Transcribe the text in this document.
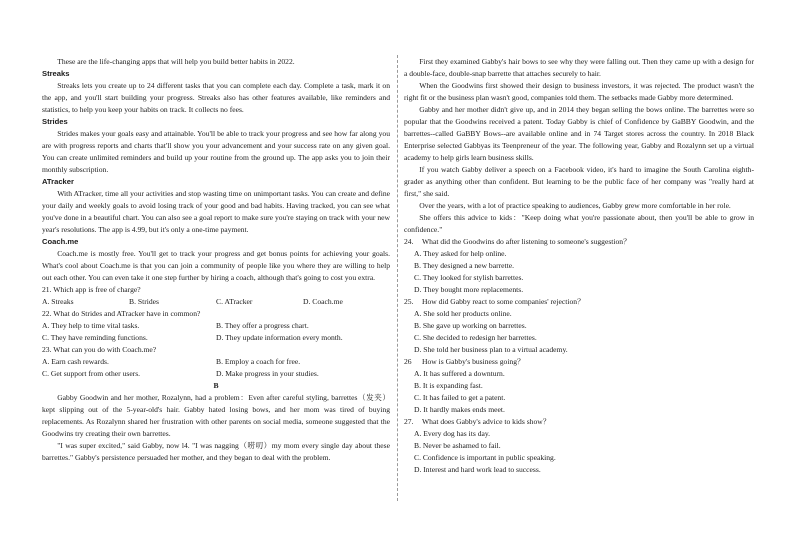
These are the life-changing apps that will help you build better habits in 2022.
Streaks
Streaks lets you create up to 24 different tasks that you can complete each day. Complete a task, mark it on the app, and you'll start building your progress. Streaks also has other features available, like reminders and statistics, to help you keep your habits on track. It collects no fees.
Strides
Strides makes your goals easy and attainable. You'll be able to track your progress and see how far along you are with progress reports and charts that'll show you your advancement and your success rate on any given goal. You can create unlimited reminders and build up your routine from the ground up. The app asks you to join their monthly subscription.
ATracker
With ATracker, time all your activities and stop wasting time on unimportant tasks. You can create and define your daily and weekly goals to avoid losing track of your good and bad habits. Having tracked, you can see what you've done in a beautiful chart. You can also see a goal report to make sure you're staying on track with your new year's resolutions. The app is 4.99, but it's only a one-time payment.
Coach.me
Coach.me is mostly free. You'll get to track your progress and get bonus points for achieving your goals. What's cool about Coach.me is that you can join a community of people like you where they are willing to help out each other. You can even take it one step further by hiring a coach, although that's going to cost you extra.
21. Which app is free of charge?
A. Streaks	B. Strides	C. ATracker	D. Coach.me
22. What do Strides and ATracker have in common?
A. They help to time vital tasks.	B. They offer a progress chart.
C. They have reminding functions.	D. They update information every month.
23. What can you do with Coach.me?
A. Earn cash rewards.	B. Employ a coach for free.
C. Get support from other users.	D. Make progress in your studies.
B
Gabby Goodwin and her mother, Rozalynn, had a problem：Even after careful styling, barrettes（发夹）kept slipping out of the 5-year-old's hair. Gabby hated losing bows, and her mom was tired of buying replacements. As Rozalynn shared her frustration with other parents on social media, someone suggested that the Goodwins try creating their own barrettes.
"I was super excited," said Gabby, now l4. "I was nagging（唠叨）my mom every single day about these barrettes." Gabby's persistence persuaded her mother, and they began to deal with the problem.
First they examined Gabby's hair bows to see why they were falling out. Then they came up with a design for a double-face, double-snap barrette that attaches securely to hair.
When the Goodwins first showed their design to business investors, it was rejected. The product wasn't the right fit or the business plan wasn't good, companies told them. The setbacks made Gabby more determined.
Gabby and her mother didn't give up, and in 2014 they began selling the bows online. The barrettes were so popular that the Goodwins received a patent. Today Gabby is chief of Confidence by GaBBY Goodwin, and the barrettes--called GaBBY Bows--are available online and in 74 Target stores across the country. In 2018 Black Enterprise selected Gabbyas its Teenpreneur of the year. The following year, Gabby and Rozalynn set up a virtual academy to help girls learn business skills.
If you watch Gabby deliver a speech on a Facebook video, it's hard to imagine the South Carolina eighth-grader as anything other than confident. But learning to be the public face of her company was "really hard at first," she said.
Over the years, with a lot of practice speaking to audiences, Gabby grew more comfortable in her role.
She offers this advice to kids："Keep doing what you're passionate about, then you'll be able to grow in confidence."
24.	What did the Goodwins do after listening to someone's suggestion？
A. They asked for help online.
B. They designed a new barrette.
C. They looked for stylish barrettes.
D. They bought more replacements.
25.	How did Gabby react to some companies' rejection？
A. She sold her products online.
B. She gave up working on barrettes.
C. She decided to redesign her barrettes.
D. She told her business plan to a virtual academy.
26	How is Gabby's business going？
A. It has suffered a downturn.
B. It is expanding fast.
C. It has failed to get a patent.
D. It hardly makes ends meet.
27.	What does Gabby's advice to kids show？
A. Every dog has its day.
B. Never be ashamed to fail.
C. Confidence is important in public speaking.
D. Interest and hard work lead to success.
